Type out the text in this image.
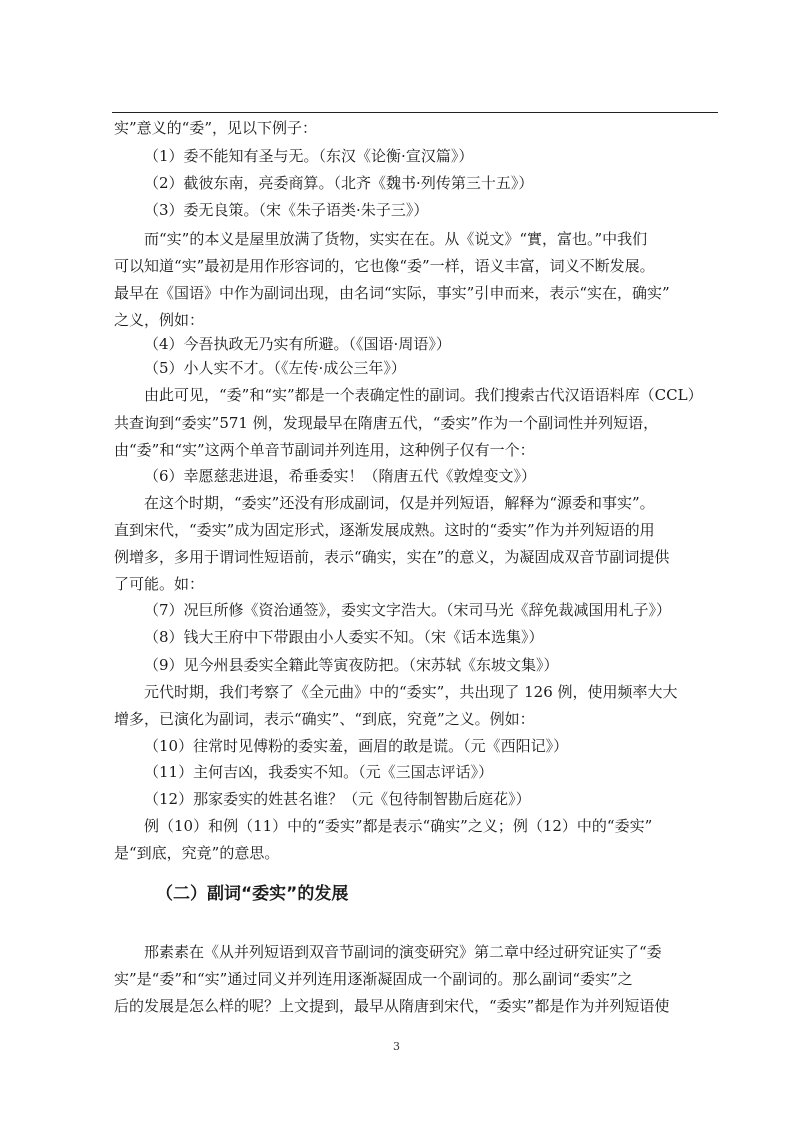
实”意义的“委”，见以下例子：
（1）委不能知有圣与无。（东汉《论衡·宣汉篇》）
（2）截彼东南，亮委商算。（北齐《魏书·列传第三十五》）
（3）委无良策。（宋《朱子语类·朱子三》）
而“实”的本义是屋里放满了货物，实实在在。从《说文》“實，富也。”中我们
可以知道“实”最初是用作形容词的，它也像“委”一样，语义丰富，词义不断发展。
最早在《国语》中作为副词出现，由名词“实际，事实”引申而来，表示“实在，确实”
之义，例如：
（4）今吾执政无乃实有所避。（《国语·周语》）
（5）小人实不才。（《左传·成公三年》）
由此可见，“委”和“实”都是一个表确定性的副词。我们搜索古代汉语语料库（CCL）
共查询到“委实”571 例，发现最早在隋唐五代，“委实”作为一个副词性并列短语，
由“委”和“实”这两个单音节副词并列连用，这种例子仅有一个：
（6）幸愿慈悲进退，希垂委实！（隋唐五代《敦煌变文》）
在这个时期，“委实”还没有形成副词，仅是并列短语，解释为“源委和事实”。
直到宋代，“委实”成为固定形式，逐渐发展成熟。这时的“委实”作为并列短语的用
例增多，多用于谓词性短语前，表示“确实，实在”的意义，为凝固成双音节副词提供
了可能。如：
（7）况巨所修《资治通签》，委实文字浩大。（宋司马光《辞免裁减国用札子》）
（8）钱大王府中下带跟由小人委实不知。（宋《话本选集》）
（9）见今州县委实全籍此等寅夜防把。（宋苏轼《东坡文集》）
元代时期，我们考察了《全元曲》中的“委实”，共出现了 126 例，使用频率大大
增多，已演化为副词，表示“确实”、“到底，究竟”之义。例如：
（10）往常时见傅粉的委实羞，画眉的敢是谎。（元《西阳记》）
（11）主何吉凶，我委实不知。（元《三国志评话》）
（12）那家委实的姓甚名谁？（元《包待制智勘后庭花》）
例（10）和例（11）中的“委实”都是表示“确实”之义；例（12）中的“委实”
是“到底，究竟”的意思。
（二）副词“委实”的发展
邢素素在《从并列短语到双音节副词的演变研究》第二章中经过研究证实了“委
实”是“委”和“实”通过同义并列连用逐渐凝固成一个副词的。那么副词“委实”之
后的发展是怎么样的呢？上文提到，最早从隋唐到宋代，“委实”都是作为并列短语使
3
